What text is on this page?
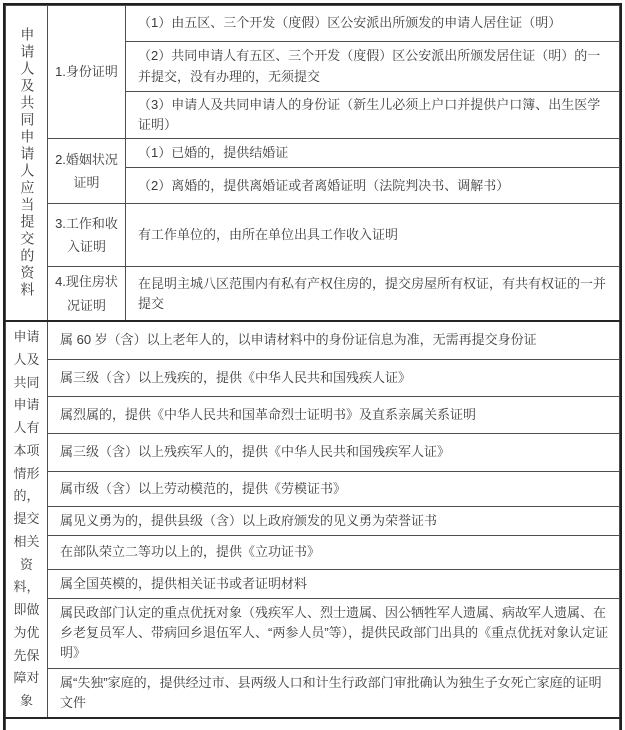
申请人及共同申请人应当提交的资料	1.身份证明	（1）由五区、三个开发（度假）区公安派出所颁发的申请人居住证（明）
		（2）共同申请人有五区、三个开发（度假）区公安派出所颁发居住证（明）的一并提交，没有办理的，无须提交
		（3）申请人及共同申请人的身份证（新生儿必须上户口并提供户口簿、出生医学证明）
	2.婚姻状况证明	（1）已婚的，提供结婚证
		（2）离婚的，提供离婚证或者离婚证明（法院判决书、调解书）
	3.工作和收入证明	有工作单位的，由所在单位出具工作收入证明
	4.现住房状况证明	在昆明主城八区范围内有私有产权住房的，提交房屋所有权证，有共有权证的一并提交
申请人及共同申请人有本项情形的，提交相关资料，即做为优先保障对象	属 60 岁（含）以上老年人的，以申请材料中的身份证信息为准，无需再提交身份证	
	属三级（含）以上残疾的，提供《中华人民共和国残疾人证》	
	属烈属的，提供《中华人民共和国革命烈士证明书》及直系亲属关系证明	
	属三级（含）以上残疾军人的，提供《中华人民共和国残疾军人证》	
	属市级（含）以上劳动模范的，提供《劳模证书》	
	属见义勇为的，提供县级（含）以上政府颁发的见义勇为荣誉证书	
	在部队荣立二等功以上的，提供《立功证书》	
	属全国英模的，提供相关证书或者证明材料	
	属民政部门认定的重点优抚对象（残疾军人、烈士遗属、因公牺牲军人遗属、病故军人遗属、在乡老复员军人、带病回乡退伍军人、“两参人员”等），提供民政部门出具的《重点优抚对象认定证明》	
	属“失独”家庭的，提供经过市、县两级人口和计生行政部门审批确认为独生子女死亡家庭的证明文件	
